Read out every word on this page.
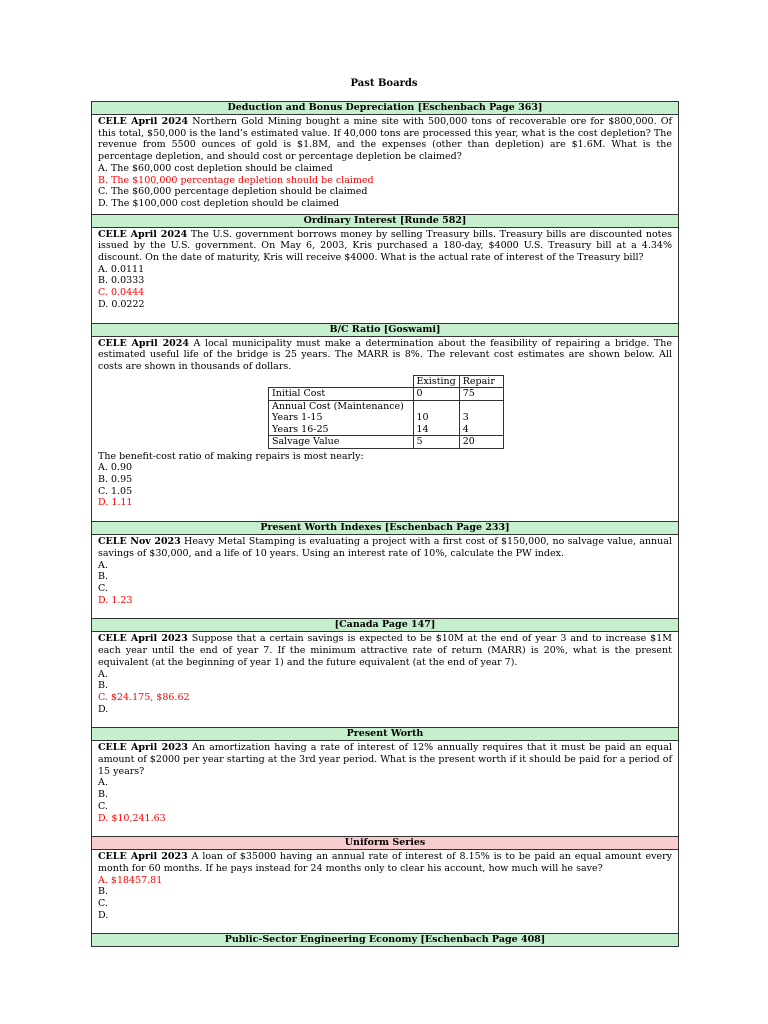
Past Boards
Deduction and Bonus Depreciation [Eschenbach Page 363]

CELE April 2024 Northern Gold Mining bought a mine site with 500,000 tons of recoverable ore for $800,000. Of this total, $50,000 is the land’s estimated value. If 40,000 tons are processed this year, what is the cost depletion? The revenue from 5500 ounces of gold is $1.8M, and the expenses (other than depletion) are $1.6M. What is the percentage depletion, and should cost or percentage depletion be claimed?

A. The $60,000 cost depletion should be claimed

B. The $100,000 percentage depletion should be claimed

C. The $60,000 percentage depletion should be claimed

D. The $100,000 cost depletion should be claimed

Ordinary Interest [Runde 582]

CELE April 2024 The U.S. government borrows money by selling Treasury bills. Treasury bills are discounted notes issued by the U.S. government. On May 6, 2003, Kris purchased a 180-day, $4000 U.S. Treasury bill at a 4.34% discount. On the date of maturity, Kris will receive $4000. What is the actual rate of interest of the Treasury bill?

A. 0.0111

B. 0.0333

C. 0.0444

D. 0.0222

B/C Ratio [Goswami]

CELE April 2024 A local municipality must make a determination about the feasibility of repairing a bridge. The estimated useful life of the bridge is 25 years. The MARR is 8%. The relevant cost estimates are shown below. All costs are shown in thousands of dollars.

	Existing	Repair
Initial Cost	0	75
Annual Cost (Maintenance)		
Years 1-15	10	3
Years 16-25	14	4
Salvage Value	5	20

The benefit-cost ratio of making repairs is most nearly:

A. 0.90

B. 0.95

C. 1.05

D. 1.11

Present Worth Indexes [Eschenbach Page 233]

CELE Nov 2023 Heavy Metal Stamping is evaluating a project with a first cost of $150,000, no salvage value, annual savings of $30,000, and a life of 10 years. Using an interest rate of 10%, calculate the PW index.

A.

B.

C.

D. 1.23

[Canada Page 147]

CELE April 2023 Suppose that a certain savings is expected to be $10M at the end of year 3 and to increase $1M each year until the end of year 7. If the minimum attractive rate of return (MARR) is 20%, what is the present equivalent (at the beginning of year 1) and the future equivalent (at the end of year 7).

A.

B.

C. $24.175, $86.62

D.

Present Worth

CELE April 2023 An amortization having a rate of interest of 12% annually requires that it must be paid an equal amount of $2000 per year starting at the 3rd year period. What is the present worth if it should be paid for a period of 15 years?

A.

B.

C.

D. $10,241.63

Uniform Series

CELE April 2023 A loan of $35000 having an annual rate of interest of 8.15% is to be paid an equal amount every month for 60 months. If he pays instead for 24 months only to clear his account, how much will he save?

A. $18457.81

B.

C.

D.

Public-Sector Engineering Economy [Eschenbach Page 408]
